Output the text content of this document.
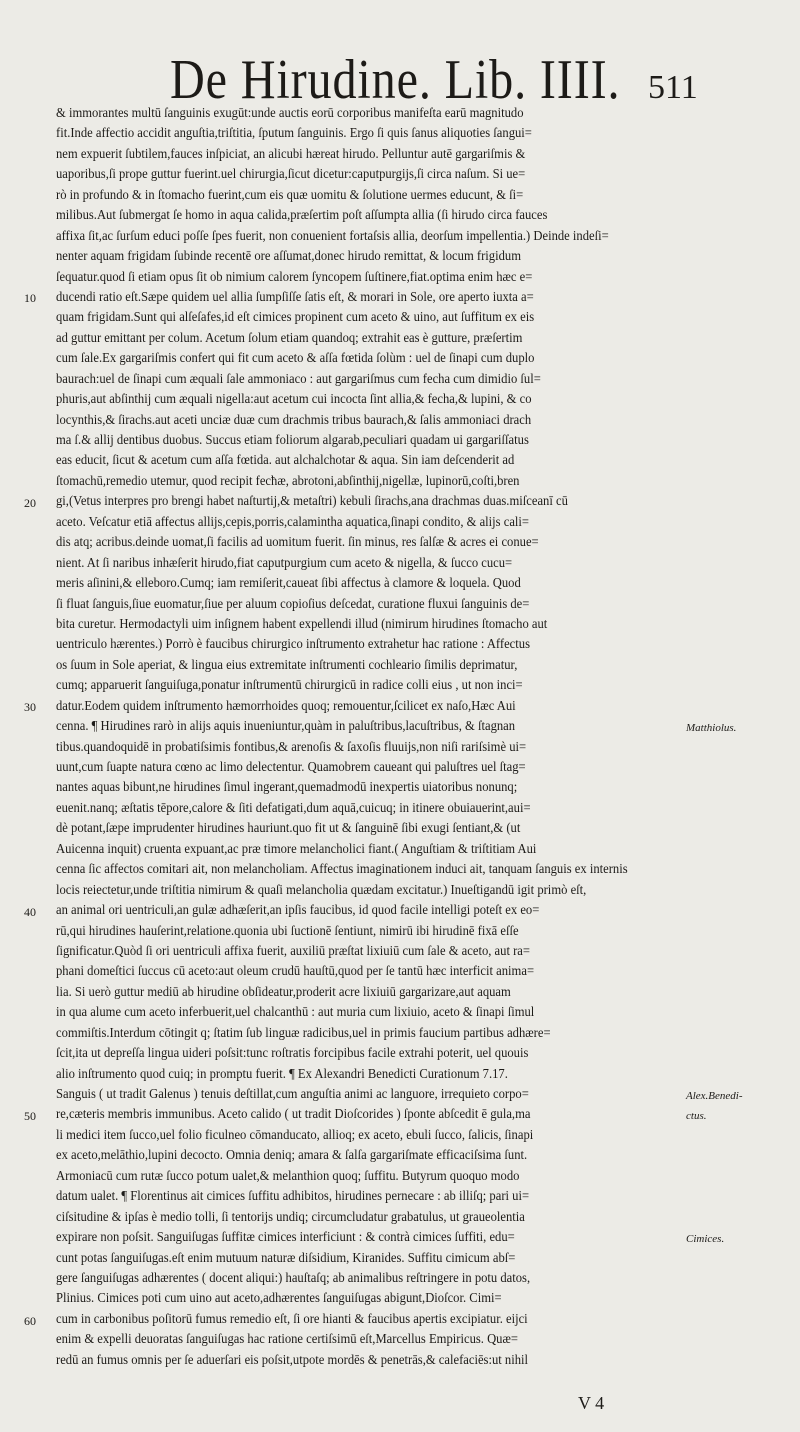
De Hirudine. Lib. IIII. 511
& immorantes multū ſanguinis exugūt:unde auctis eorū corporibus manifeſta earū magnitudo
fit.Inde affectio accidit anguſtia,triſtitia, ſputum ſanguinis. Ergo ſi quis ſanus aliquoties ſangui=
nem expuerit ſubtilem,fauces inſpiciat, an alicubi hæreat hirudo. Pelluntur autē gargariſmis &
uaporibus,ſi prope guttur fuerint.uel chirurgia,ſicut dicetur:caputpurgijs,ſi circa naſum. Si ue=
rò in profundo & in ſtomacho fuerint,cum eis quæ uomitu & ſolutione uermes educunt, & ſi=
milibus.Aut ſubmergat ſe homo in aqua calida,præſertim poſt aſſumpta allia (ſi hirudo circa fauces
affixa ſit,ac ſurſum educi poſſe ſpes fuerit, non conuenient fortaſsis allia, deorſum impellentia.) Deinde indeſi=
nenter aquam frigidam ſubinde recentē ore aſſumat,donec hirudo remittat, & locum frigidum
ſequatur.quod ſi etiam opus ſit ob nimium calorem ſyncopem ſuſtinere,fiat.optima enim hæc e=
ducendi ratio eſt.Sæpe quidem uel allia ſumpſiſſe ſatis eſt, & morari in Sole, ore aperto iuxta a=
quam frigidam.Sunt qui alſeſafes,id eſt cimices propinent cum aceto & uino, aut ſuffitum ex eis
ad guttur emittant per colum. Acetum ſolum etiam quandoq; extrahit eas è gutture, præſertim
cum ſale.Ex gargariſmis confert qui fit cum aceto & aſſa fœtida ſolùm : uel de ſinapi cum duplo
baurach:uel de ſinapi cum æquali ſale ammoniaco : aut gargariſmus cum fecha cum dimidio ſul=
phuris,aut abſinthij cum æquali nigella:aut acetum cui incocta ſint allia,& fecha,& lupini, & co
locynthis,& ſirachs.aut aceti unciæ duæ cum drachmis tribus baurach,& ſalis ammoniaci drach
ma ſ.& allij dentibus duobus. Succus etiam foliorum algarab,peculiari quadam ui gargariſſatus
eas educit, ſicut & acetum cum aſſa fœtida. aut alchalchotar & aqua. Sin iam deſcenderit ad
ſtomachū,remedio utemur, quod recipit fecħæ, abrotoni,abſinthij,nigellæ, lupinorū,coſti,bren
gi,(Vetus interpres pro brengi habet naſturtij,& metaſtri) kebuli ſirachs,ana drachmas duas.miſceanī cū
aceto. Veſcatur etiā affectus allijs,cepis,porris,calamintha aquatica,ſinapi condito, & alijs cali=
dis atq; acribus.deinde uomat,ſi facilis ad uomitum fuerit. ſin minus, res ſalſæ & acres ei conue=
nient. At ſi naribus inhæſerit hirudo,fiat caputpurgium cum aceto & nigella, & ſucco cucu=
meris aſinini,& elleboro.Cumq; iam remiſerit,caueat ſibi affectus à clamore & loquela. Quod
ſi fluat ſanguis,ſiue euomatur,ſiue per aluum copioſius deſcedat, curatione fluxui ſanguinis de=
bita curetur. Hermodactyli uim inſignem habent expellendi illud (nimirum hirudines ſtomacho aut
uentriculo hærentes.) Porrò è faucibus chirurgico inſtrumento extrahetur hac ratione : Affectus
os ſuum in Sole aperiat, & lingua eius extremitate inſtrumenti cochleario ſimilis deprimatur,
cumq; apparuerit ſanguiſuga,ponatur inſtrumentū chirurgicū in radice colli eius , ut non inci=
datur.Eodem quidem inſtrumento hæmorrhoides quoq; remouentur,ſcilicet ex naſo,Hæc Aui
cenna. ¶ Hirudines rarò in alijs aquis inueniuntur,quàm in paluſtribus,lacuſtribus, & ſtagnan
tibus.quandoquidē in probatiſsimis fontibus,& arenoſis & ſaxoſis fluuijs,non niſi rariſsimè ui=
uunt,cum ſuapte natura cœno ac limo delectentur. Quamobrem caueant qui paluſtres uel ſtag=
nantes aquas bibunt,ne hirudines ſimul ingerant,quemadmodū inexpertis uiatoribus nonunq;
euenit.nanq; æſtatis tēpore,calore & ſiti defatigati,dum aquā,cuicuq; in itinere obuiauerint,aui=
dè potant,ſæpe imprudenter hirudines hauriunt.quo fit ut & ſanguinē ſibi exugi ſentiant,& (ut
Auicenna inquit) cruenta expuant,ac præ timore melancholici fiant.( Anguſtiam & triſtitiam Aui
cenna ſic affectos comitari ait, non melancholiam. Affectus imaginationem induci ait, tanquam ſanguis ex internis
locis reiectetur,unde triſtitia nimirum & quaſi melancholia quædam excitatur.) Inueſtigandū igit primò eſt,
an animal ori uentriculi,an gulæ adhæſerit,an ipſis faucibus, id quod facile intelligi poteſt ex eo=
rū,qui hirudines hauſerint,relatione.quonia ubi ſuctionē ſentiunt, nimirū ibi hirudinē fixā eſſe
ſignificatur.Quòd ſi ori uentriculi affixa fuerit, auxiliū præſtat lixiuiū cum ſale & aceto, aut ra=
phani domeſtici ſuccus cū aceto:aut oleum crudū hauſtū,quod per ſe tantū hæc interficit anima=
lia. Si uerò guttur mediū ab hirudine obſideatur,proderit acre lixiuiū gargarizare,aut aquam
in qua alume cum aceto inferbuerit,uel chalcanthū : aut muria cum lixiuio, aceto & ſinapi ſimul
commiſtis.Interdum cōtingit q; ſtatim ſub linguæ radicibus,uel in primis faucium partibus adhære=
ſcit,ita ut depreſſa lingua uideri poſsit:tunc roſtratis forcipibus facile extrahi poterit, uel quouis
alio inſtrumento quod cuiq; in promptu fuerit. ¶ Ex Alexandri Benedicti Curationum 7.17.
Sanguis ( ut tradit Galenus ) tenuis deſtillat,cum anguſtia animi ac languore, irrequieto corpo=
re,cæteris membris immunibus. Aceto calido ( ut tradit Dioſcorides ) ſponte abſcedit ē gula,ma
li medici item ſucco,uel folio ficulneo cōmanducato, allioq; ex aceto, ebuli ſucco, ſalicis, ſinapi
ex aceto,melāthio,lupini decocto. Omnia deniq; amara & ſalſa gargariſmate efficaciſsima ſunt.
Armoniacū cum rutæ ſucco potum ualet,& melanthion quoq; ſuffitu. Butyrum quoquo modo
datum ualet. ¶ Florentinus ait cimices ſuffitu adhibitos, hirudines pernecare : ab illiſq; pari ui=
ciſsitudine & ipſas è medio tolli, ſi tentorijs undiq; circumcludatur grabatulus, ut graueolentia
expirare non poſsit. Sanguiſugas ſuffitæ cimices interficiunt : & contrà cimices ſuffiti, edu=
cunt potas ſanguiſugas.eſt enim mutuum naturæ diſsidium, Kiranides. Suffitu cimicum abſ=
gere ſanguiſugas adhærentes ( docent aliqui:) hauſtaſq; ab animalibus reſtringere in potu datos,
Plinius. Cimices poti cum uino aut aceto,adhærentes ſanguiſugas abigunt,Dioſcor. Cimi=
cum in carbonibus poſitorū fumus remedio eſt, ſi ore hianti & faucibus apertis excipiatur. eijci
enim & expelli deuoratas ſanguiſugas hac ratione certiſsimū eſt,Marcellus Empiricus. Quæ=
redū an fumus omnis per ſe aduerſari eis poſsit,utpote mordēs & penetrās,& calefaciēs:ut nihil
10
20
30
40
50
60
Matthiolus.
Alex.Benedi-
ctus.
Cimices.
V 4
